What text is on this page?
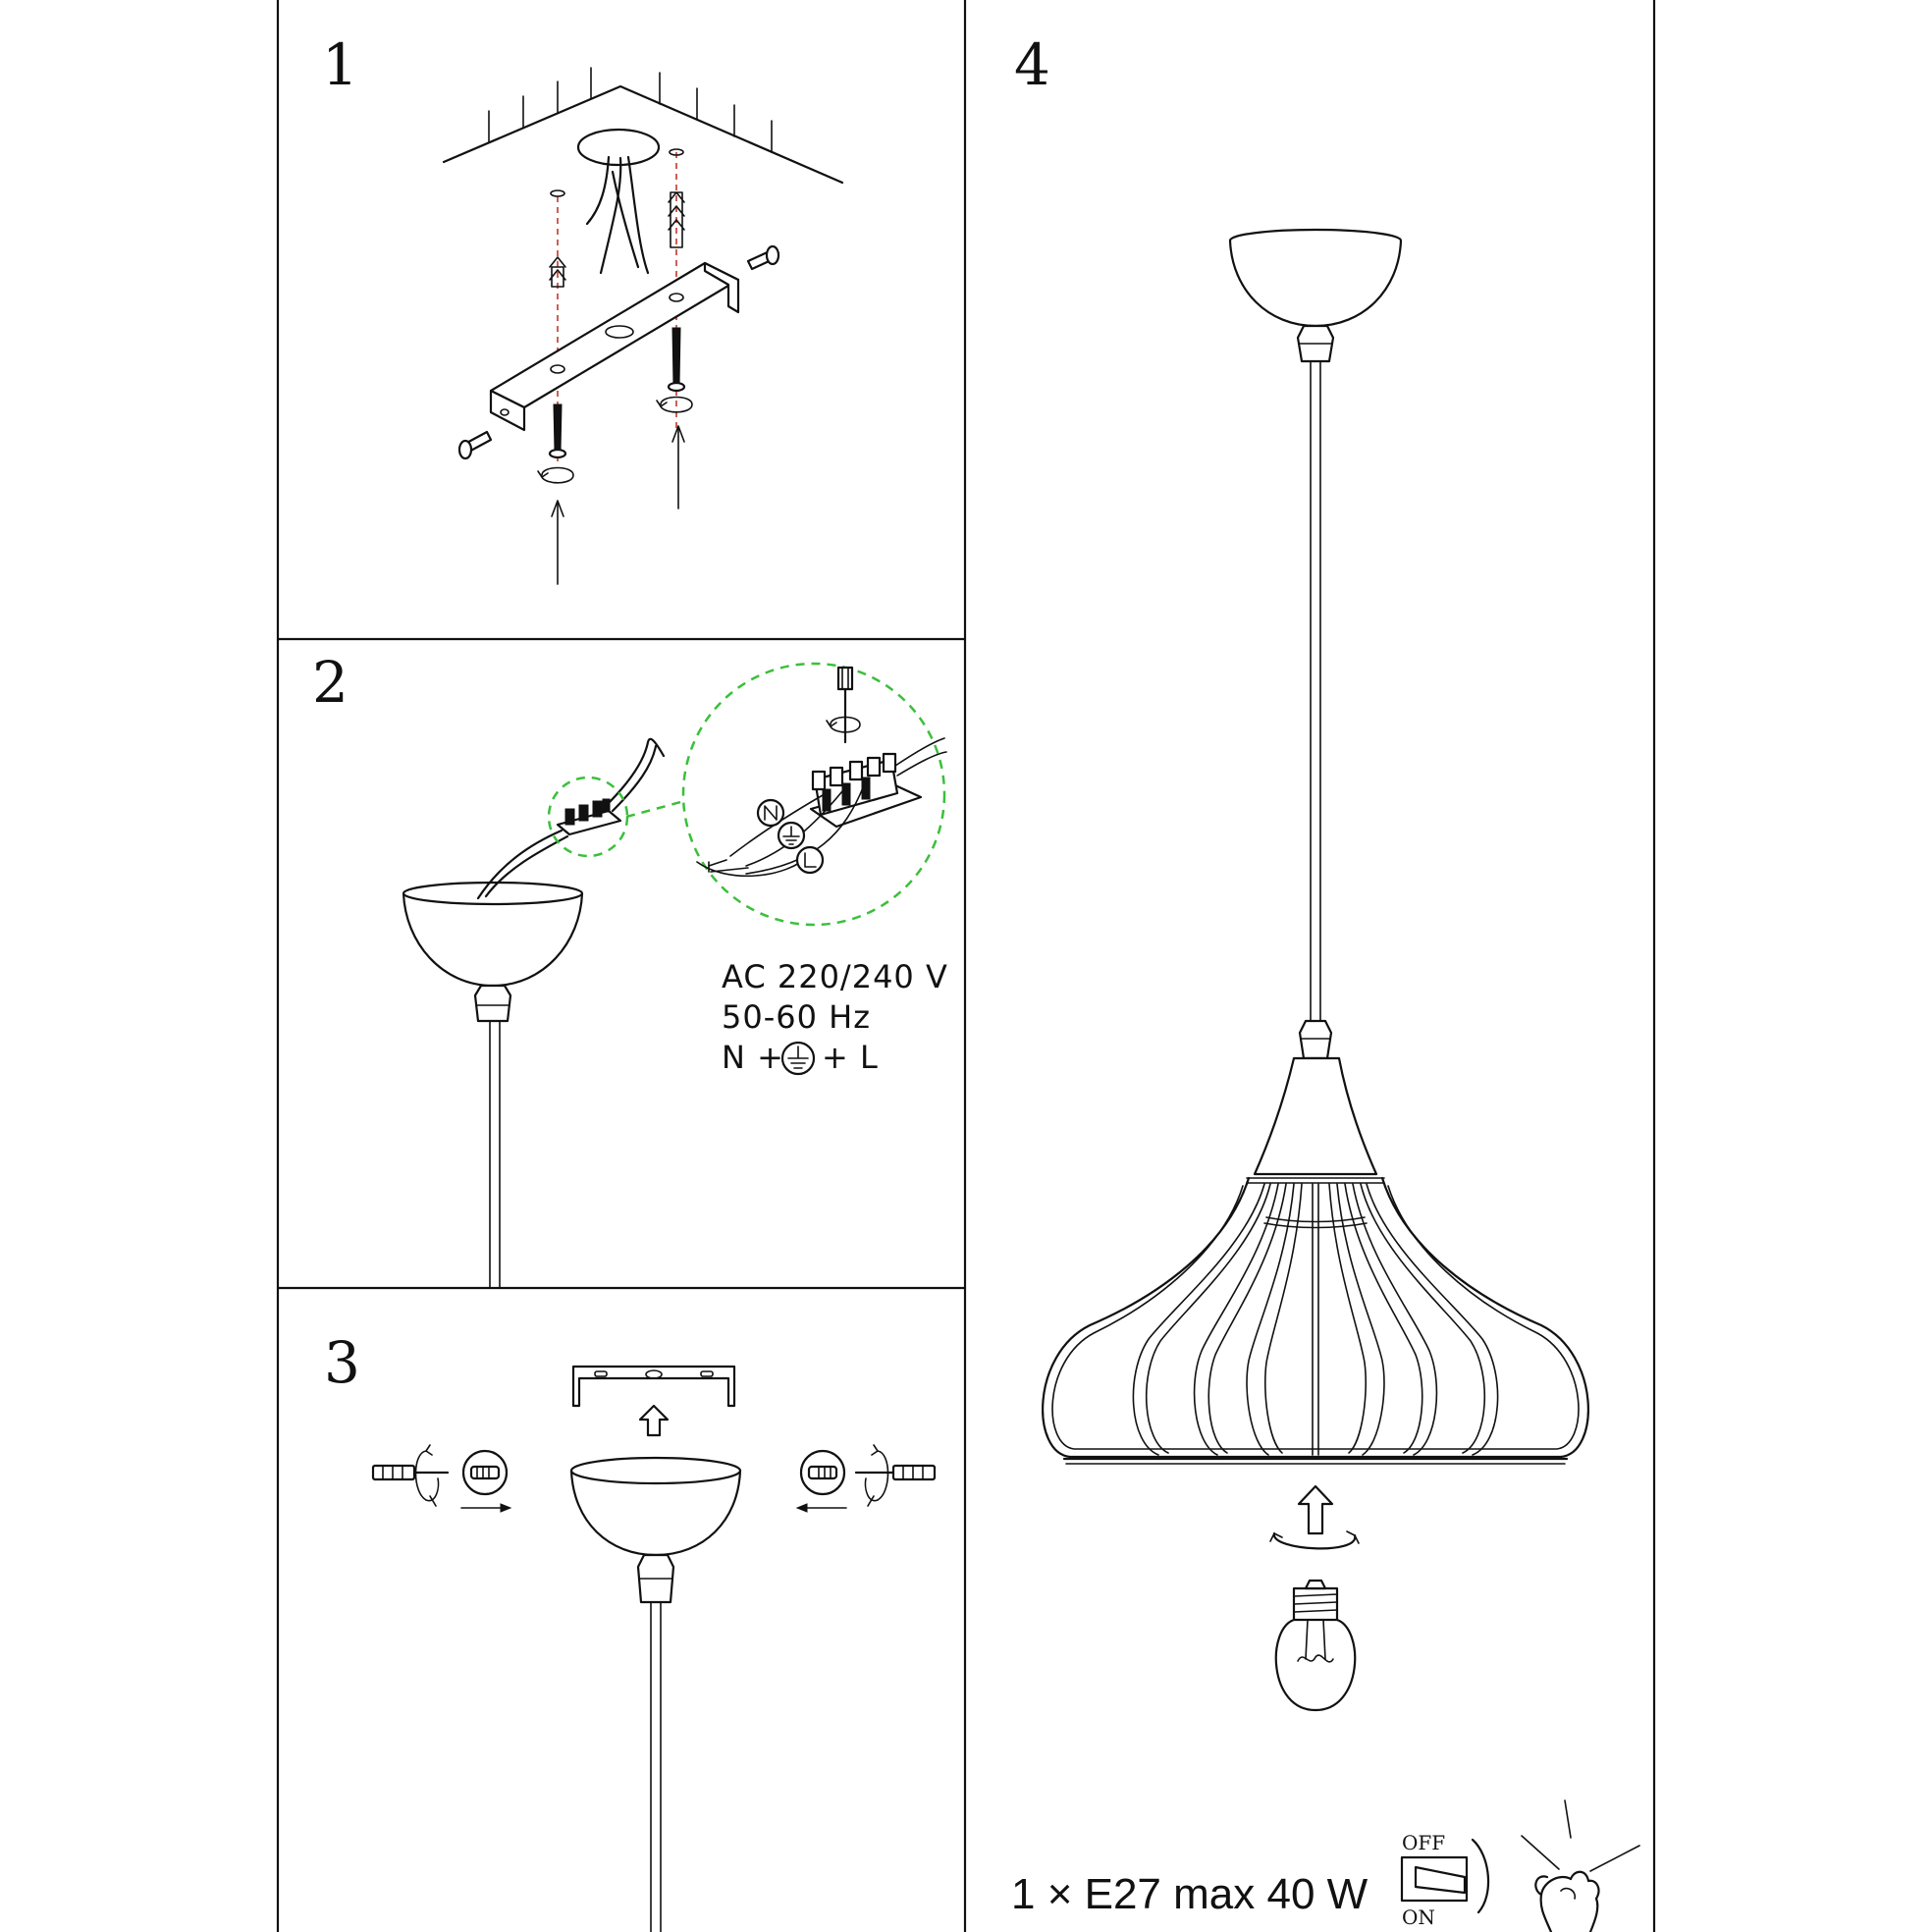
1
2
3
4
AC 220/240 V
50-60 Hz
N + + L
1 × E27 max 40 W
OFF
ON
